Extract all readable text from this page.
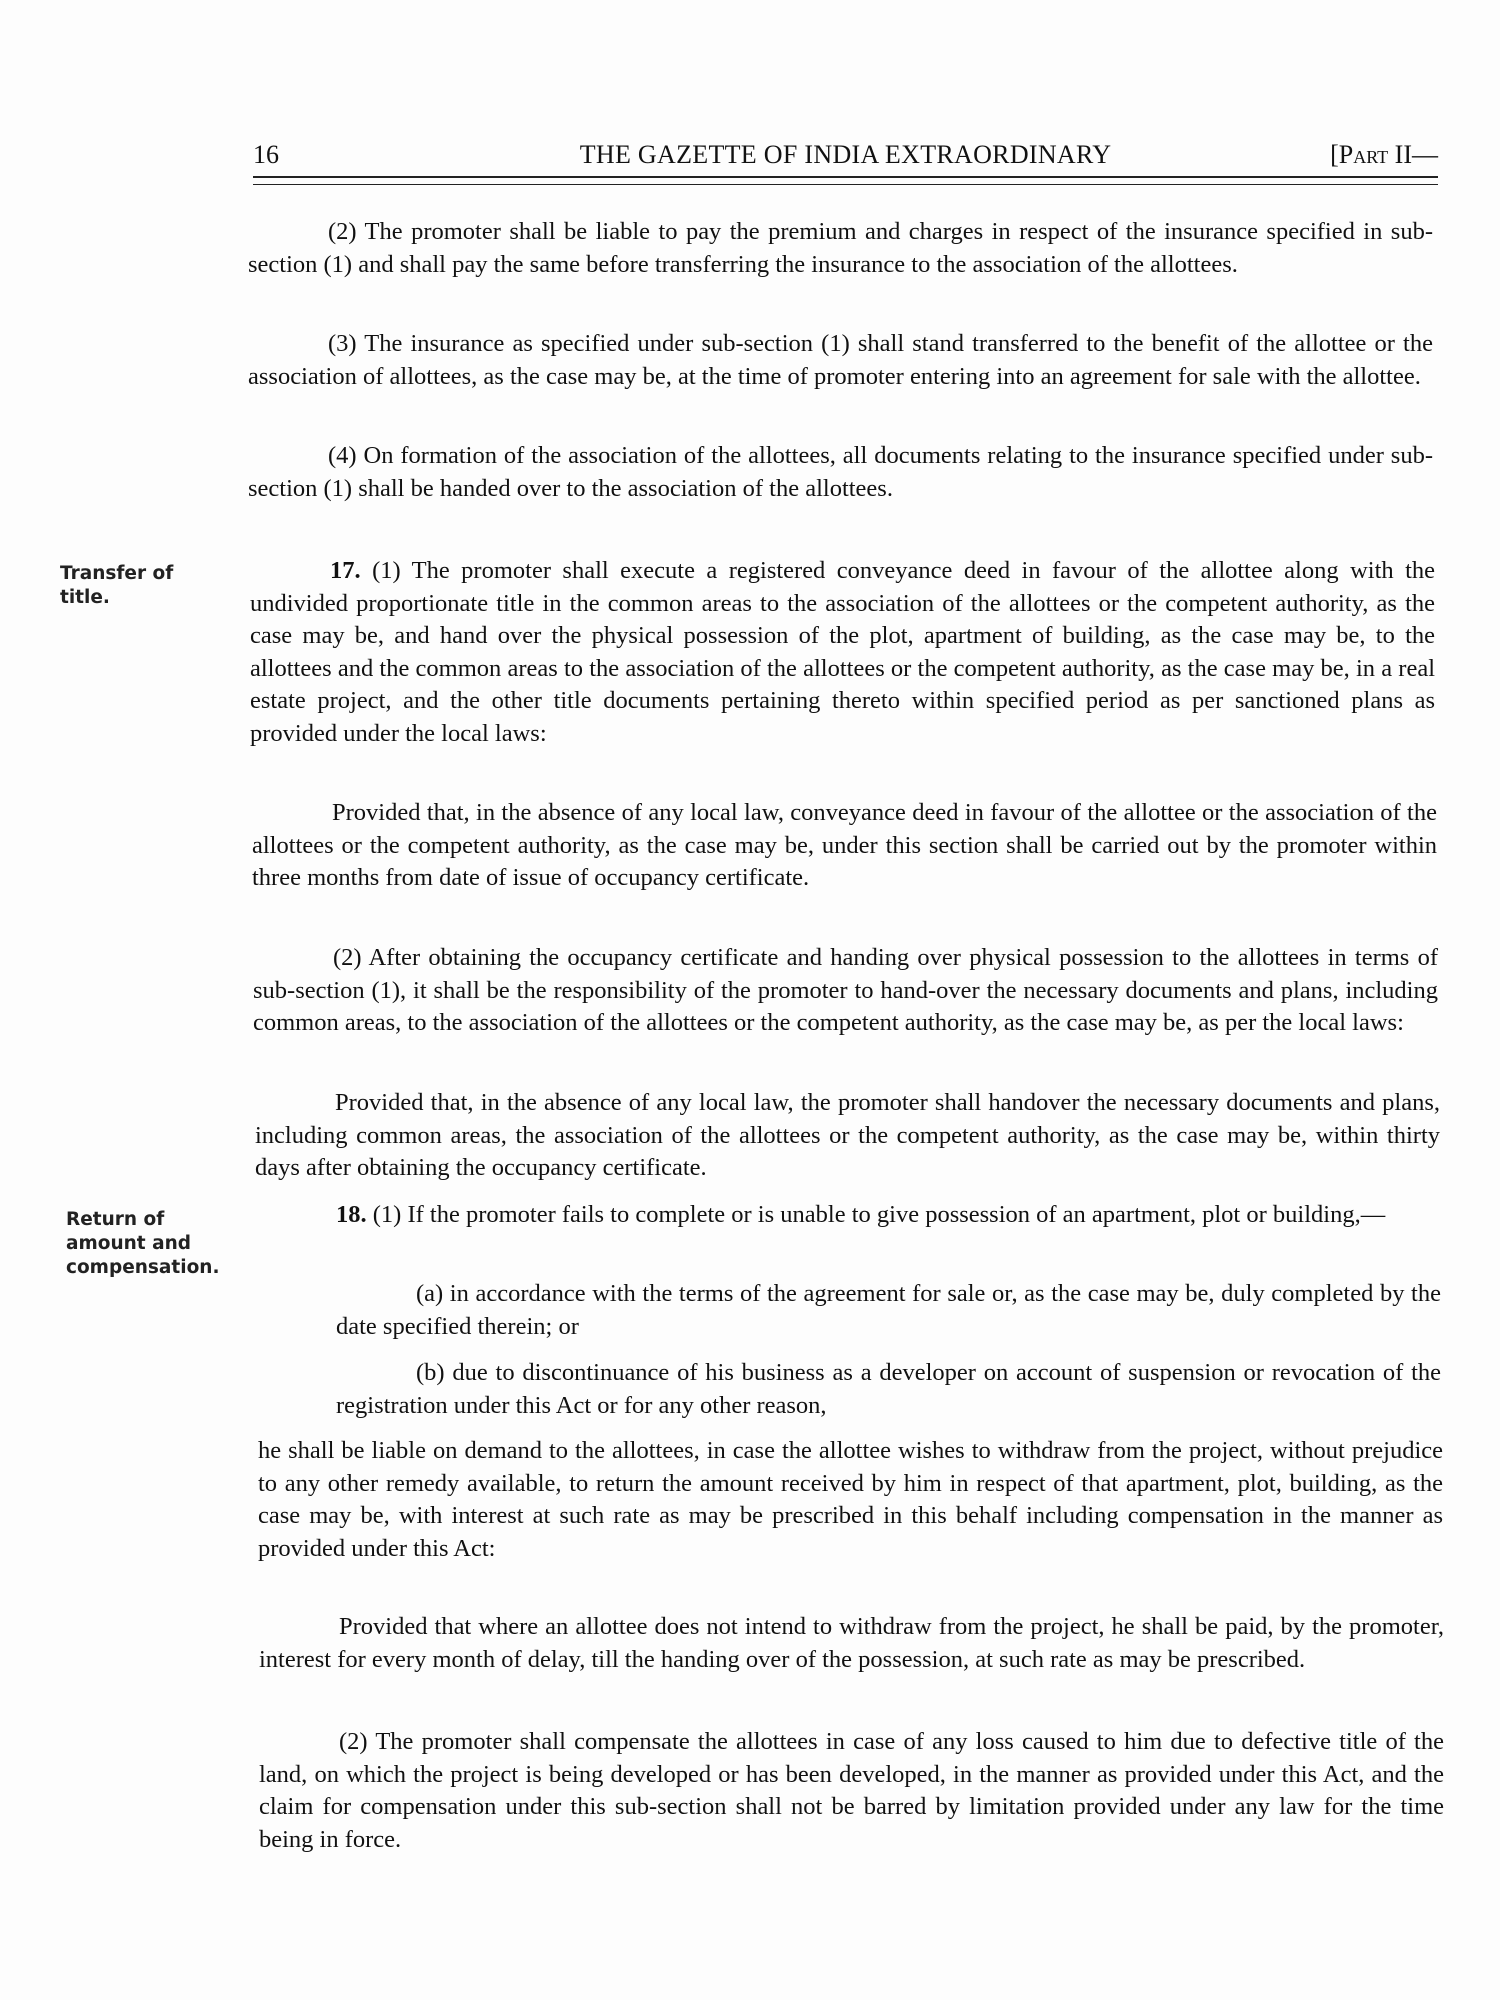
16	THE GAZETTE OF INDIA EXTRAORDINARY	[Part II—
Transfer of
title.
Return of
amount and
compensation.

(2) The promoter shall be liable to pay the premium and charges in respect of the insurance specified in sub-section (1) and shall pay the same before transferring the insurance to the association of the allottees.

(3) The insurance as specified under sub-section (1) shall stand transferred to the benefit of the allottee or the association of allottees, as the case may be, at the time of promoter entering into an agreement for sale with the allottee.

(4) On formation of the association of the allottees, all documents relating to the insurance specified under sub-section (1) shall be handed over to the association of the allottees.

17. (1) The promoter shall execute a registered conveyance deed in favour of the allottee along with the undivided proportionate title in the common areas to the association of the allottees or the competent authority, as the case may be, and hand over the physical possession of the plot, apartment of building, as the case may be, to the allottees and the common areas to the association of the allottees or the competent authority, as the case may be, in a real estate project, and the other title documents pertaining thereto within specified period as per sanctioned plans as provided under the local laws:

Provided that, in the absence of any local law, conveyance deed in favour of the allottee or the association of the allottees or the competent authority, as the case may be, under this section shall be carried out by the promoter within three months from date of issue of occupancy certificate.

(2) After obtaining the occupancy certificate and handing over physical possession to the allottees in terms of sub-section (1), it shall be the responsibility of the promoter to hand-over the necessary documents and plans, including common areas, to the association of the allottees or the competent authority, as the case may be, as per the local laws:

Provided that, in the absence of any local law, the promoter shall handover the necessary documents and plans, including common areas, the association of the allottees or the competent authority, as the case may be, within thirty days after obtaining the occupancy certificate.

18. (1) If the promoter fails to complete or is unable to give possession of an apartment, plot or building,—

(a) in accordance with the terms of the agreement for sale or, as the case may be, duly completed by the date specified therein; or

(b) due to discontinuance of his business as a developer on account of suspension or revocation of the registration under this Act or for any other reason,

he shall be liable on demand to the allottees, in case the allottee wishes to withdraw from the project, without prejudice to any other remedy available, to return the amount received by him in respect of that apartment, plot, building, as the case may be, with interest at such rate as may be prescribed in this behalf including compensation in the manner as provided under this Act:

Provided that where an allottee does not intend to withdraw from the project, he shall be paid, by the promoter, interest for every month of delay, till the handing over of the possession, at such rate as may be prescribed.

(2) The promoter shall compensate the allottees in case of any loss caused to him due to defective title of the land, on which the project is being developed or has been developed, in the manner as provided under this Act, and the claim for compensation under this sub-section shall not be barred by limitation provided under any law for the time being in force.
